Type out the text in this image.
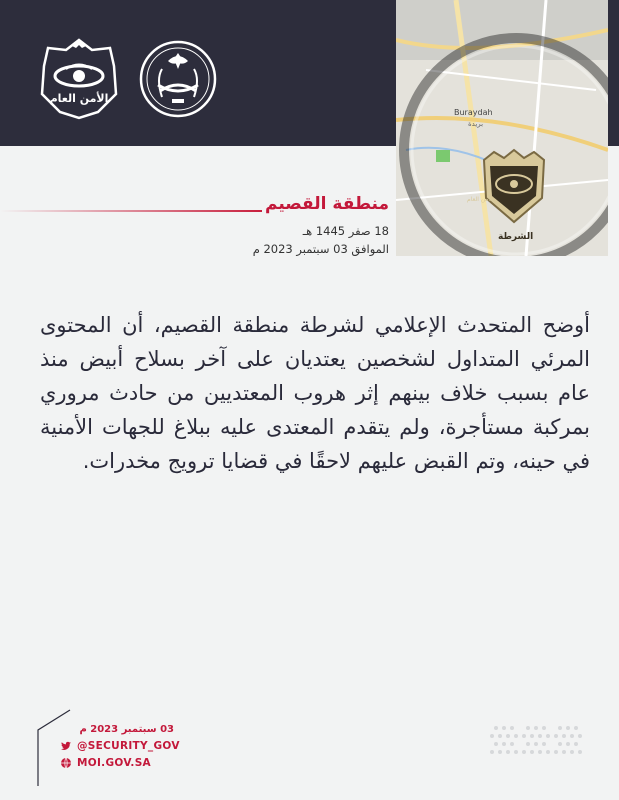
الأمن العام
Buraydah
بريدة
الأمن العام
الشرطة
منطقة القصيم
18 صفر 1445 هـ
الموافق 03 سبتمبر 2023 م
أوضح المتحدث الإعلامي لشرطة منطقة القصيم، أن المحتوى المرئي المتداول لشخصين يعتديان على آخر بسلاح أبيض منذ عام بسبب خلاف بينهم إثر هروب المعتديين من حادث مروري بمركبة مستأجرة، ولم يتقدم المعتدى عليه ببلاغ للجهات الأمنية في حينه، وتم القبض عليهم لاحقًا في قضايا ترويج مخدرات.
03 سبتمبر 2023 م
@SECURITY_GOV
MOI.GOV.SA
